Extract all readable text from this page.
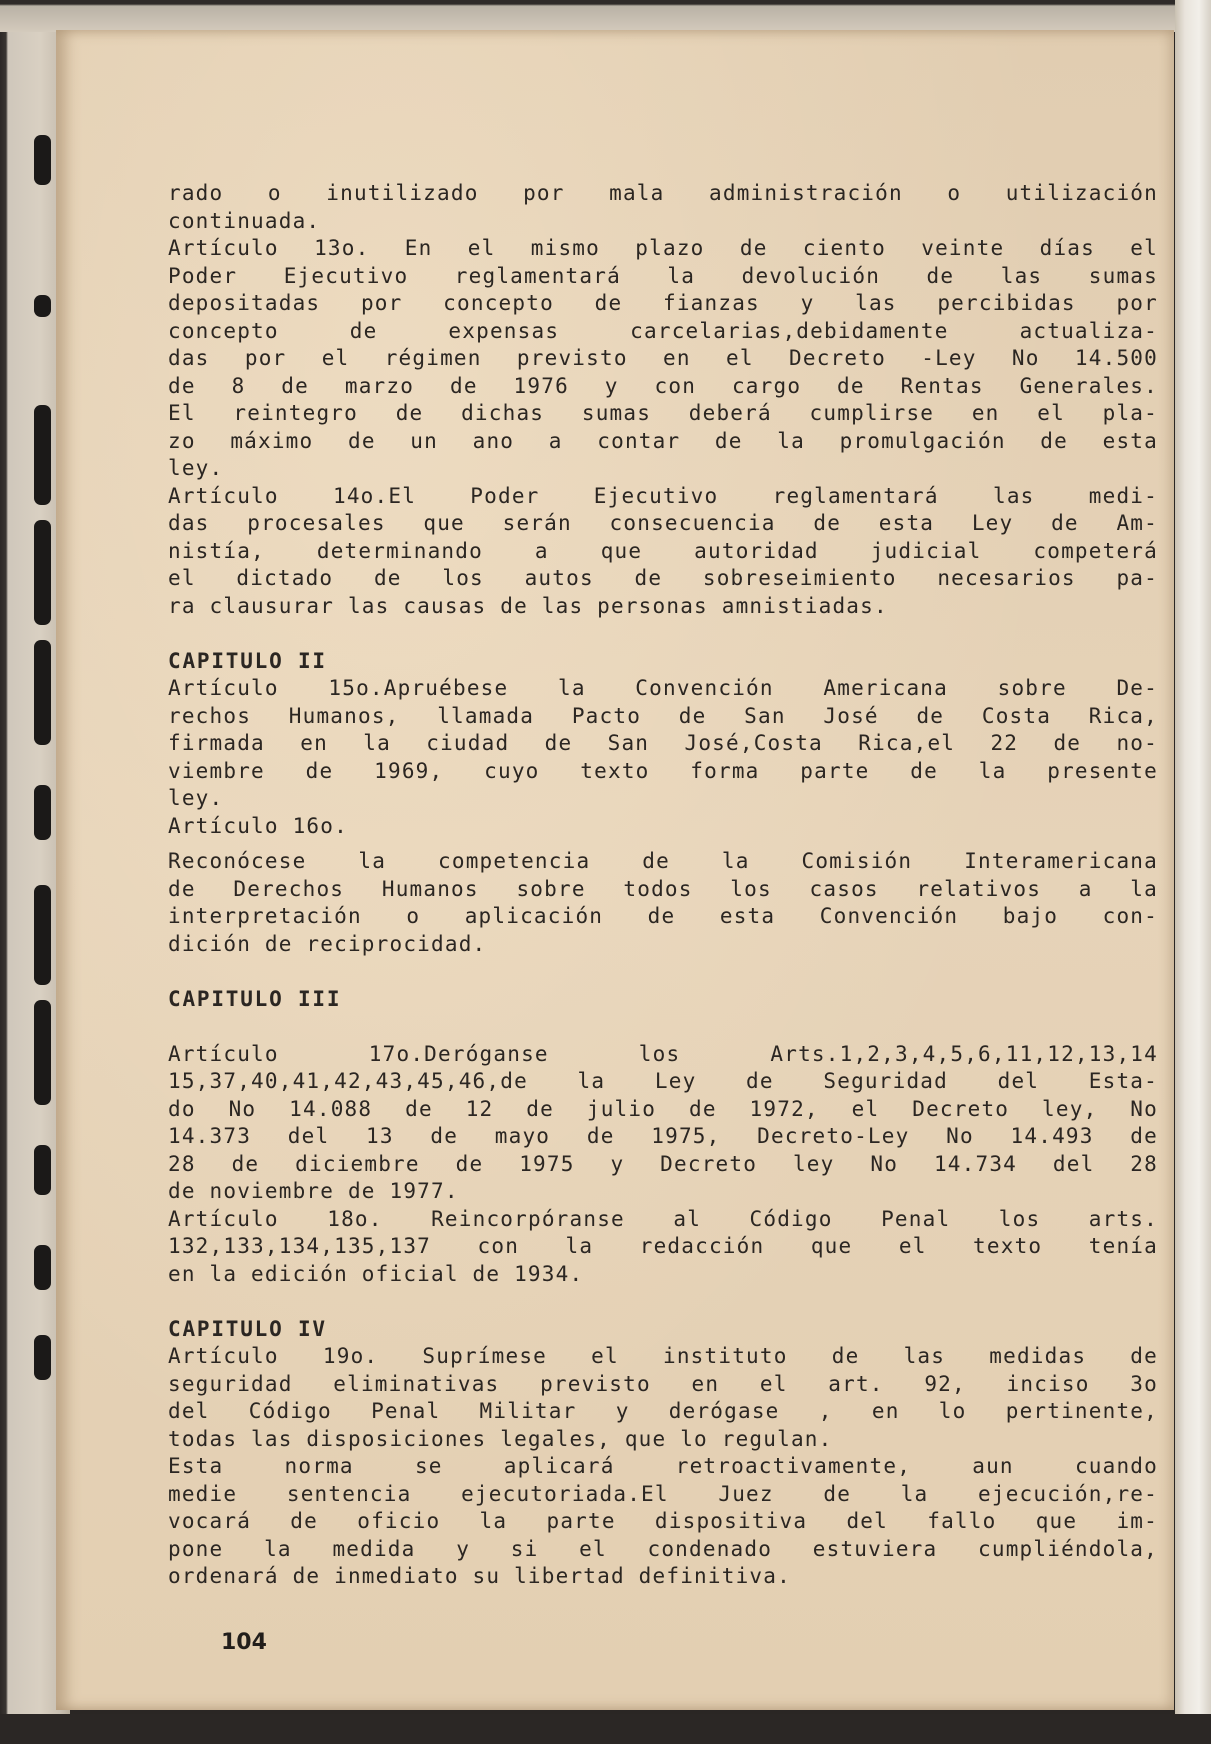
rado o inutilizado por mala administración o utilización
continuada.
Artículo 13o. En el mismo plazo de ciento veinte días el
Poder Ejecutivo reglamentará la devolución de las sumas
depositadas por concepto de fianzas y las percibidas por
concepto de expensas carcelarias,debidamente actualiza-
das por el régimen previsto en el Decreto -Ley No 14.500
de 8 de marzo de 1976 y con cargo de Rentas Generales.
El reintegro de dichas sumas deberá cumplirse en el pla-
zo máximo de un ano a contar de la promulgación de esta
ley.
Artículo 14o.El Poder Ejecutivo reglamentará las medi-
das procesales que serán consecuencia de esta Ley de Am-
nistía, determinando a que autoridad judicial competerá
el dictado de los autos de sobreseimiento necesarios pa-
ra clausurar las causas de las personas amnistiadas.
CAPITULO II
Artículo 15o.Apruébese la Convención Americana sobre De-
rechos Humanos, llamada Pacto de San José de Costa Rica,
firmada en la ciudad de San José,Costa Rica,el 22 de no-
viembre de 1969, cuyo texto forma parte de la presente
ley.
Artículo 16o.
Reconócese la competencia de la Comisión Interamericana
de Derechos Humanos sobre todos los casos relativos a la
interpretación o aplicación de esta Convención bajo con-
dición de reciprocidad.
CAPITULO III
Artículo 17o.Deróganse los Arts.1,2,3,4,5,6,11,12,13,14
15,37,40,41,42,43,45,46,de la Ley de Seguridad del Esta-
do No 14.088 de 12 de julio de 1972, el Decreto ley, No
14.373 del 13 de mayo de 1975, Decreto-Ley No 14.493 de
28 de diciembre de 1975 y Decreto ley No 14.734 del 28
de noviembre de 1977.
Artículo 18o. Reincorpóranse al Código Penal los arts.
132,133,134,135,137 con la redacción que el texto tenía
en la edición oficial de 1934.
CAPITULO IV
Artículo 19o. Suprímese el instituto de las medidas de
seguridad eliminativas previsto en el art. 92, inciso 3o
del Código Penal Militar y derógase , en lo pertinente,
todas las disposiciones legales, que lo regulan.
Esta norma se aplicará retroactivamente, aun cuando
medie sentencia ejecutoriada.El Juez de la ejecución,re-
vocará de oficio la parte dispositiva del fallo que im-
pone la medida y si el condenado estuviera cumpliéndola,
ordenará de inmediato su libertad definitiva.
104
